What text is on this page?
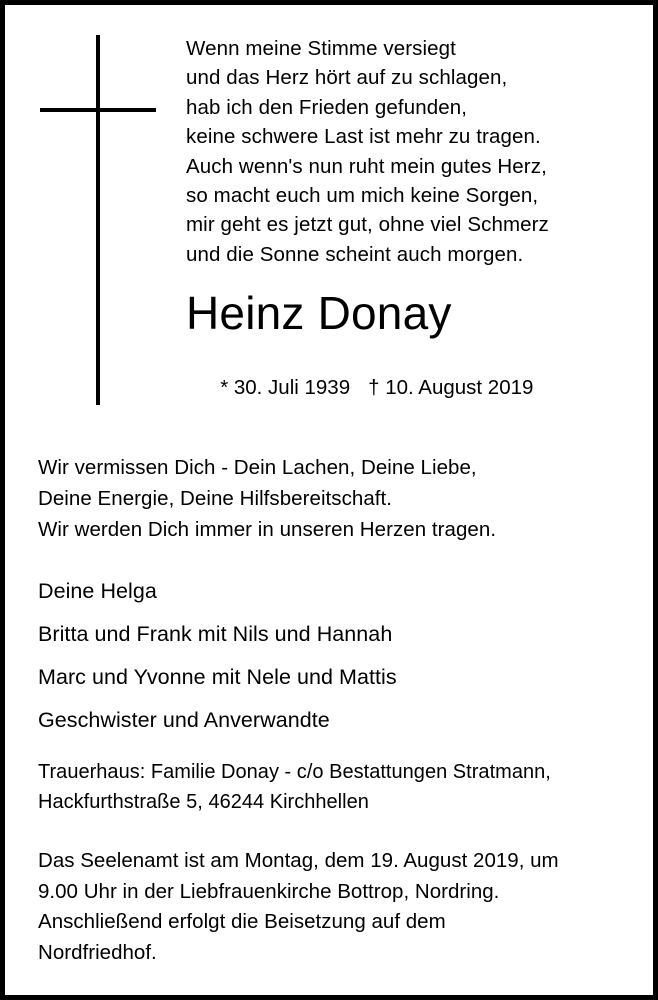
Wenn meine Stimme versiegt
und das Herz hört auf zu schlagen,
hab ich den Frieden gefunden,
keine schwere Last ist mehr zu tragen.
Auch wenn's nun ruht mein gutes Herz,
so macht euch um mich keine Sorgen,
mir geht es jetzt gut, ohne viel Schmerz
und die Sonne scheint auch morgen.
Heinz Donay

* 30. Juli 1939 † 10. August 2019

Wir vermissen Dich - Dein Lachen, Deine Liebe,
Deine Energie, Deine Hilfsbereitschaft.
Wir werden Dich immer in unseren Herzen tragen.
Deine Helga
Britta und Frank mit Nils und Hannah
Marc und Yvonne mit Nele und Mattis
Geschwister und Anverwandte
Trauerhaus: Familie Donay - c/o Bestattungen Stratmann,
Hackfurthstraße 5, 46244 Kirchhellen
Das Seelenamt ist am Montag, dem 19. August 2019, um
9.00 Uhr in der Liebfrauenkirche Bottrop, Nordring.
Anschließend erfolgt die Beisetzung auf dem
Nordfriedhof.
